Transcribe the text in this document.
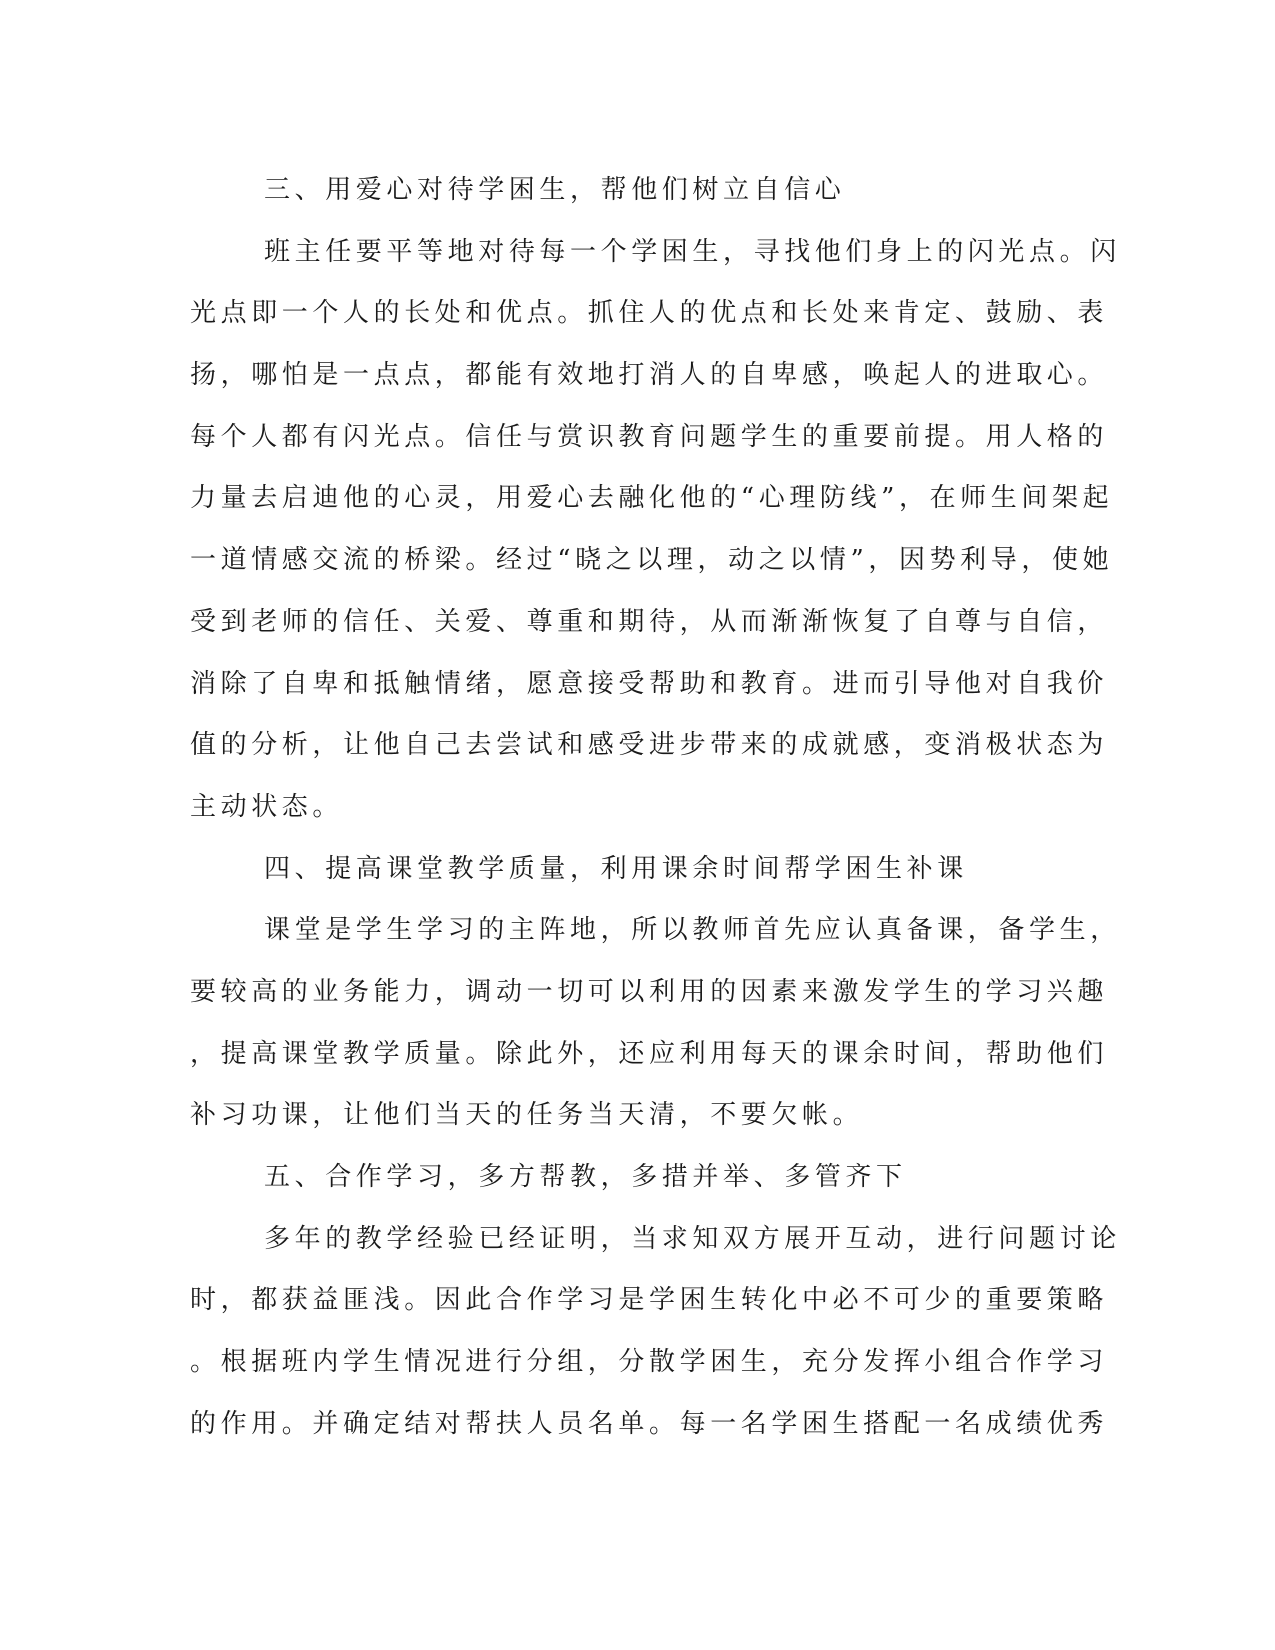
三、用爱心对待学困生，帮他们树立自信心
班主任要平等地对待每一个学困生，寻找他们身上的闪光点。闪
光点即一个人的长处和优点。抓住人的优点和长处来肯定、鼓励、表
扬，哪怕是一点点，都能有效地打消人的自卑感，唤起人的进取心。
每个人都有闪光点。信任与赏识教育问题学生的重要前提。用人格的
力量去启迪他的心灵，用爱心去融化他的“心理防线”，在师生间架起
一道情感交流的桥梁。经过“晓之以理，动之以情”，因势利导，使她
受到老师的信任、关爱、尊重和期待，从而渐渐恢复了自尊与自信，
消除了自卑和抵触情绪，愿意接受帮助和教育。进而引导他对自我价
值的分析，让他自己去尝试和感受进步带来的成就感，变消极状态为
主动状态。
四、提高课堂教学质量，利用课余时间帮学困生补课
课堂是学生学习的主阵地，所以教师首先应认真备课，备学生，
要较高的业务能力，调动一切可以利用的因素来激发学生的学习兴趣
，提高课堂教学质量。除此外，还应利用每天的课余时间，帮助他们
补习功课，让他们当天的任务当天清，不要欠帐。
五、合作学习，多方帮教，多措并举、多管齐下
多年的教学经验已经证明，当求知双方展开互动，进行问题讨论
时，都获益匪浅。因此合作学习是学困生转化中必不可少的重要策略
。根据班内学生情况进行分组，分散学困生，充分发挥小组合作学习
的作用。并确定结对帮扶人员名单。每一名学困生搭配一名成绩优秀
